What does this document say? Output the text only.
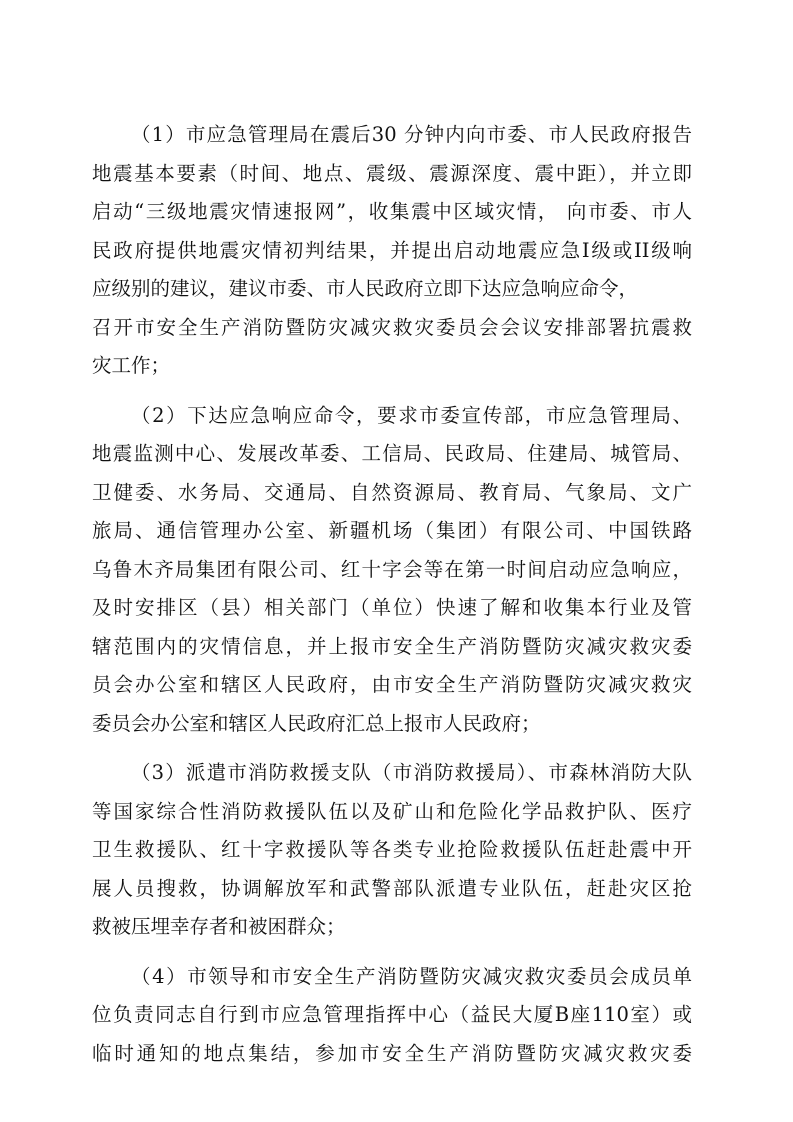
（1）市应急管理局在震后30 分钟内向市委、市人民政府报告
地震基本要素（时间、地点、震级、震源深度、震中距），并立即
启动“三级地震灾情速报网”，收集震中区域灾情， 向市委、市人
民政府提供地震灾情初判结果，并提出启动地震应急I级或II级响
应级别的建议，建议市委、市人民政府立即下达应急响应命令，
召开市安全生产消防暨防灾减灾救灾委员会会议安排部署抗震救
灾工作；

（2）下达应急响应命令，要求市委宣传部，市应急管理局、
地震监测中心、发展改革委、工信局、民政局、住建局、城管局、
卫健委、水务局、交通局、自然资源局、教育局、气象局、文广
旅局、通信管理办公室、新疆机场（集团）有限公司、中国铁路
乌鲁木齐局集团有限公司、红十字会等在第一时间启动应急响应，
及时安排区（县）相关部门（单位）快速了解和收集本行业及管
辖范围内的灾情信息，并上报市安全生产消防暨防灾减灾救灾委
员会办公室和辖区人民政府，由市安全生产消防暨防灾减灾救灾
委员会办公室和辖区人民政府汇总上报市人民政府；

（3）派遣市消防救援支队（市消防救援局）、市森林消防大队
等国家综合性消防救援队伍以及矿山和危险化学品救护队、医疗
卫生救援队、红十字救援队等各类专业抢险救援队伍赶赴震中开
展人员搜救，协调解放军和武警部队派遣专业队伍，赶赴灾区抢
救被压埋幸存者和被困群众；

（4）市领导和市安全生产消防暨防灾减灾救灾委员会成员单
位负责同志自行到市应急管理指挥中心（益民大厦B座110室）或
临时通知的地点集结，参加市安全生产消防暨防灾减灾救灾委
